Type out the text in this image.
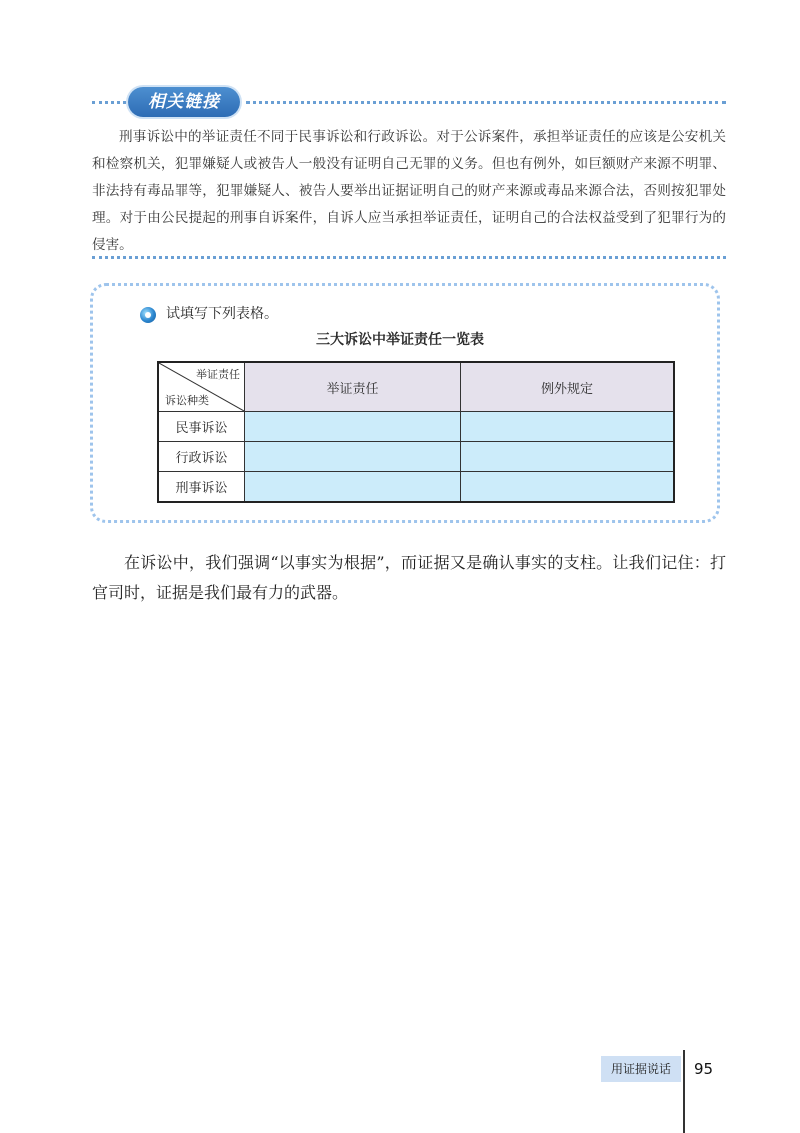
相关链接

刑事诉讼中的举证责任不同于民事诉讼和行政诉讼。对于公诉案件，承担举证责任的应该是公安机关和检察机关，犯罪嫌疑人或被告人一般没有证明自己无罪的义务。但也有例外，如巨额财产来源不明罪、非法持有毒品罪等，犯罪嫌疑人、被告人要举出证据证明自己的财产来源或毒品来源合法，否则按犯罪处理。对于由公民提起的刑事自诉案件，自诉人应当承担举证责任，证明自己的合法权益受到了犯罪行为的侵害。

试填写下列表格。
三大诉讼中举证责任一览表
举证责任
诉讼种类	举证责任	例外规定
民事诉讼		
行政诉讼		
刑事诉讼		

在诉讼中，我们强调“以事实为根据”，而证据又是确认事实的支柱。让我们记住：打官司时，证据是我们最有力的武器。

用证据说话	95
